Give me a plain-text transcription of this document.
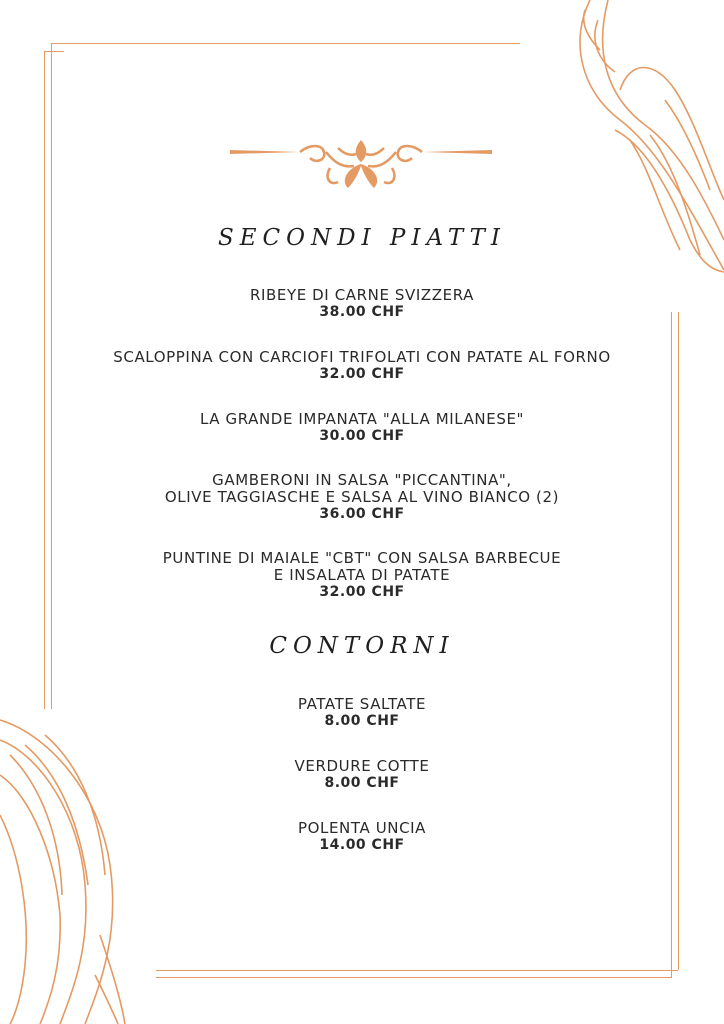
SECONDI PIATTI
RIBEYE DI CARNE SVIZZERA
38.00 CHF
SCALOPPINA CON CARCIOFI TRIFOLATI CON PATATE AL FORNO
32.00 CHF
LA GRANDE IMPANATA "ALLA MILANESE"
30.00 CHF
GAMBERONI IN SALSA "PICCANTINA",
OLIVE TAGGIASCHE E SALSA AL VINO BIANCO (2)
36.00 CHF
PUNTINE DI MAIALE "CBT" CON SALSA BARBECUE
E INSALATA DI PATATE
32.00 CHF
CONTORNI
PATATE SALTATE
8.00 CHF
VERDURE COTTE
8.00 CHF
POLENTA UNCIA
14.00 CHF
